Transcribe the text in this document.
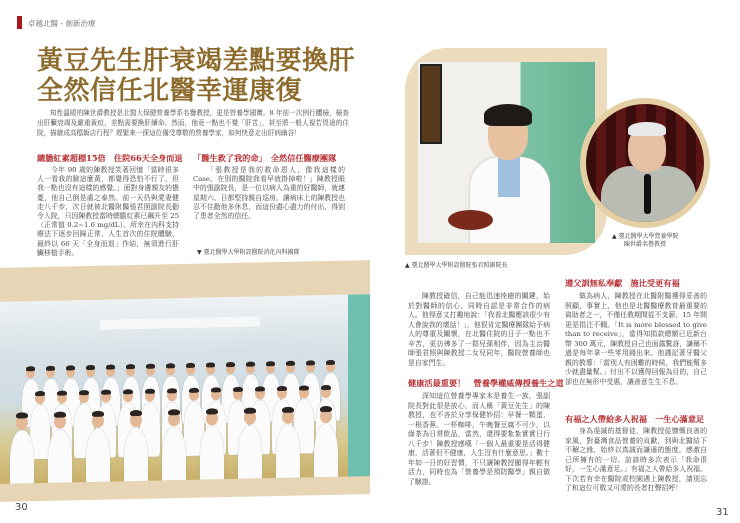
卓越北醫 - 創新治療
黃豆先生肝衰竭差點要換肝
全然信任北醫幸運康復

知性溫暖的陳世爵教授是北醫大保健營養學系名譽教授，更是營養學國寶。8 年前一次例行體檢，檢查出肝臟衰竭及嚴重黃疸，差點需要換肝續命。然而，他竟一點也不覺「肝苦」，甚至將一般人視若畏途的住院，描繪成高檔飯店行程？趕緊來一探這位備受尊敬的營養學家，如何快意走出肝病幽谷！

總膽紅素超標15倍　住院66天全身而退

今年 90 歲的陳教授笑著回憶「當時很多人一看我的臉這麼黃，都覺得恐怕不行了，但我一點也沒有這樣的感覺。」面對身邊親友的擔憂，他自己倒是處之泰然。前一天仍與愛妻健走八千步，次日就被北醫附醫張君照副院長勸令入院，只因陳教授當時總膽紅素已飆升至 25 （正常值 0.2~1.6 mg/dL）。所幸在內科支持療法下逐步回歸正常，人生首次的住院體驗，最終以 66 天「全身而退」作結，無須進行肝臟移植手術。

「醫生救了我的命」　全然信任醫療團隊

「張教授是我的救命恩人，像我這樣的 Case，在別的醫院我看早就掛掉啦！」陳教授眼中的張副院長，是一位以病人為重的好醫師，就連星期六、日都堅持親自巡房，讓病床上的陳教授也忍不住勸他多休息，而這份盡心盡力的付出，得到了患者全然的信任。

▼ 臺北醫學大學附設醫院消化內科團隊
30
▲ 臺北醫學大學附設醫院張君照副院長
▲ 臺北醫學大學營養學院
陳世爵名譽教授

陳教授確信，自己能迅速痊癒的關鍵，始於對醫師的信心，同時自認是非常合作的病人。他得意又打趣地說：「我看北醫應該很少有人會說我的壞話！」，他很肯定醫療團隊給予病人的尊重及關懷，在北醫住院的日子一點也不辛苦，更彷彿多了一群兒孫相伴，因為主治醫師張君照與陳教授二女兒同年，醫院營養師也是自家門生。

健康活最重要！　營養學權威傳授養生之道

深知這位營養學專家本是養生一族，張副院長對此很是放心，而人稱「黃豆先生」的陳教授，也不吝於分享保健妙招：早餐一顆蛋、一根香蕉、一杯咖啡，午晚餐豆腐不可少，以綠茶為日常飲品，當然，還得要紮紮實實日行八千步！陳教授感嘆「一個人最重要是活得健康，活著但不健康，人生沒有什麼意思。」數十年如一日的好習慣，不只讓陳教授顯得年輕有活力，同時也為「營養學是預防醫學」親自做了驗證。

遵父訓無私奉獻　施比受更有福

做為病人，陳教授在北醫附醫獲得妥善的照顧，事實上，他也是北醫醫療教育最重要的資助者之一，不僅任教期間從不支薪，15 年間更是捐注不輟。「It is more blessed to give than to receive」，當得知捐款總額已近新台幣 300 萬元，陳教授自己也面露驚訝，謙稱不過是每年拿一些零用錢出來。他謹記著牙醫父親的教導：「當別人有困難的時候，我們能幫多少就盡量幫。」付出不以獲得回報為目的，自己卻也在無形中受惠，讓善意生生不息。

有福之人帶給多人祝福　一生心滿意足

身為虔誠的基督徒，陳教授從慷慨良善的家風，對臺灣食品營養的貢獻，到與北醫結下不解之緣，始終以真誠而謙遜的態度，感激自己所擁有的一切。訪談時多次表示「我命很好，一生心滿意足。」有福之人帶給多人祝福。下次若有幸在醫院或校園遇上陳教授，請別忘了和這位可敬又可愛的長者打聲招呼！

31
